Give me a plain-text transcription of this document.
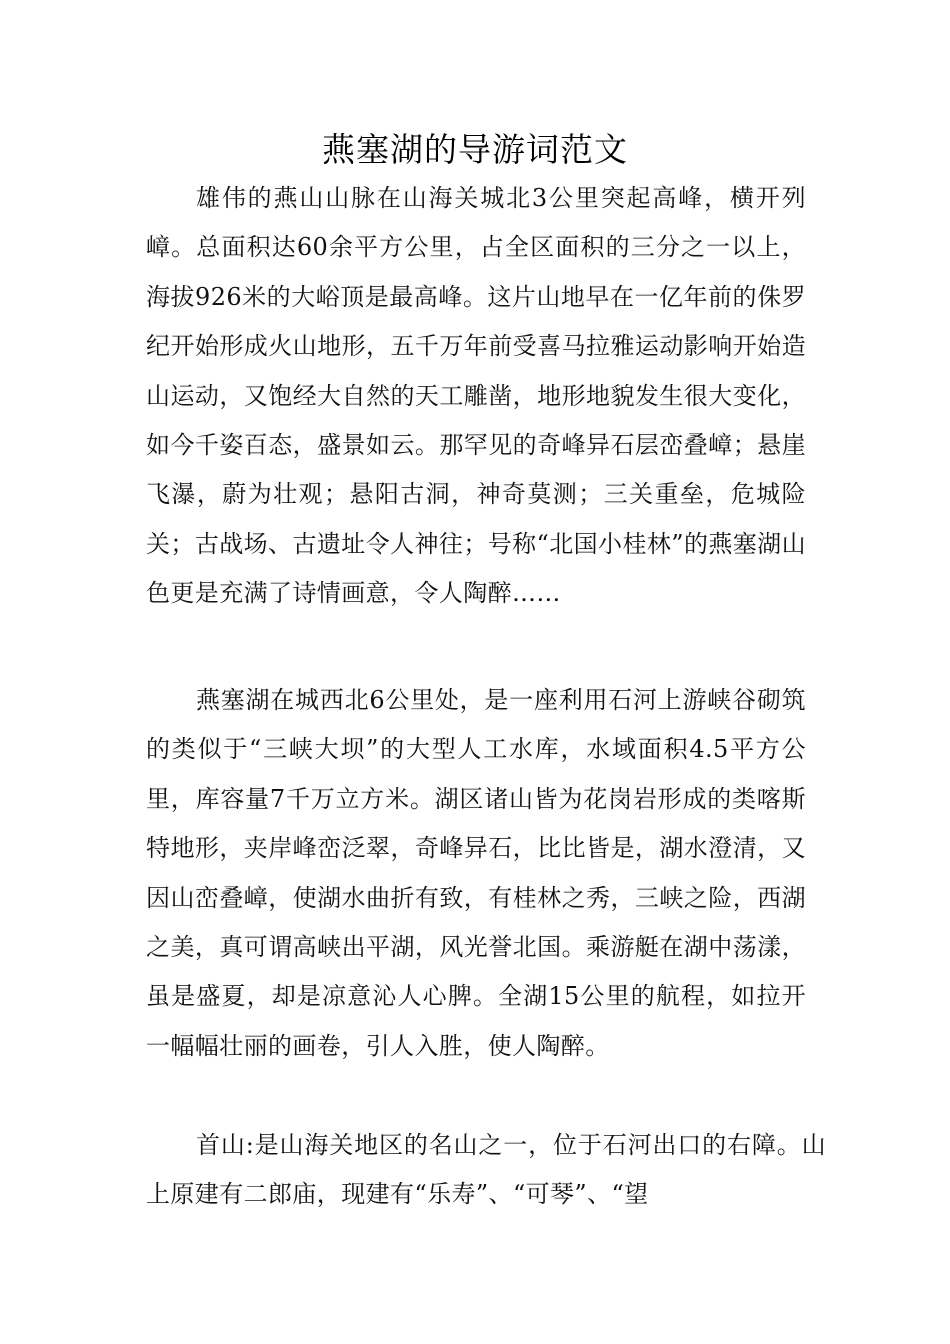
燕塞湖的导游词范文

雄伟的燕山山脉在山海关城北3公里突起高峰，横开列嶂。总面积达60余平方公里，占全区面积的三分之一以上，海拔926米的大峪顶是最高峰。这片山地早在一亿年前的侏罗纪开始形成火山地形，五千万年前受喜马拉雅运动影响开始造山运动，又饱经大自然的天工雕凿，地形地貌发生很大变化，如今千姿百态，盛景如云。那罕见的奇峰异石层峦叠嶂；悬崖飞瀑，蔚为壮观；悬阳古洞，神奇莫测；三关重垒，危城险关；古战场、古遗址令人神往；号称“北国小桂林”的燕塞湖山色更是充满了诗情画意，令人陶醉……

燕塞湖在城西北6公里处，是一座利用石河上游峡谷砌筑的类似于“三峡大坝”的大型人工水库，水域面积4.5平方公里，库容量7千万立方米。湖区诸山皆为花岗岩形成的类喀斯特地形，夹岸峰峦泛翠，奇峰异石，比比皆是，湖水澄清，又因山峦叠嶂，使湖水曲折有致，有桂林之秀，三峡之险，西湖之美，真可谓高峡出平湖，风光誉北国。乘游艇在湖中荡漾，虽是盛夏，却是凉意沁人心脾。全湖15公里的航程，如拉开一幅幅壮丽的画卷，引人入胜，使人陶醉。

首山:是山海关地区的名山之一，位于石河出口的右障。山上原建有二郎庙，现建有“乐寿”、“可琴”、“望
